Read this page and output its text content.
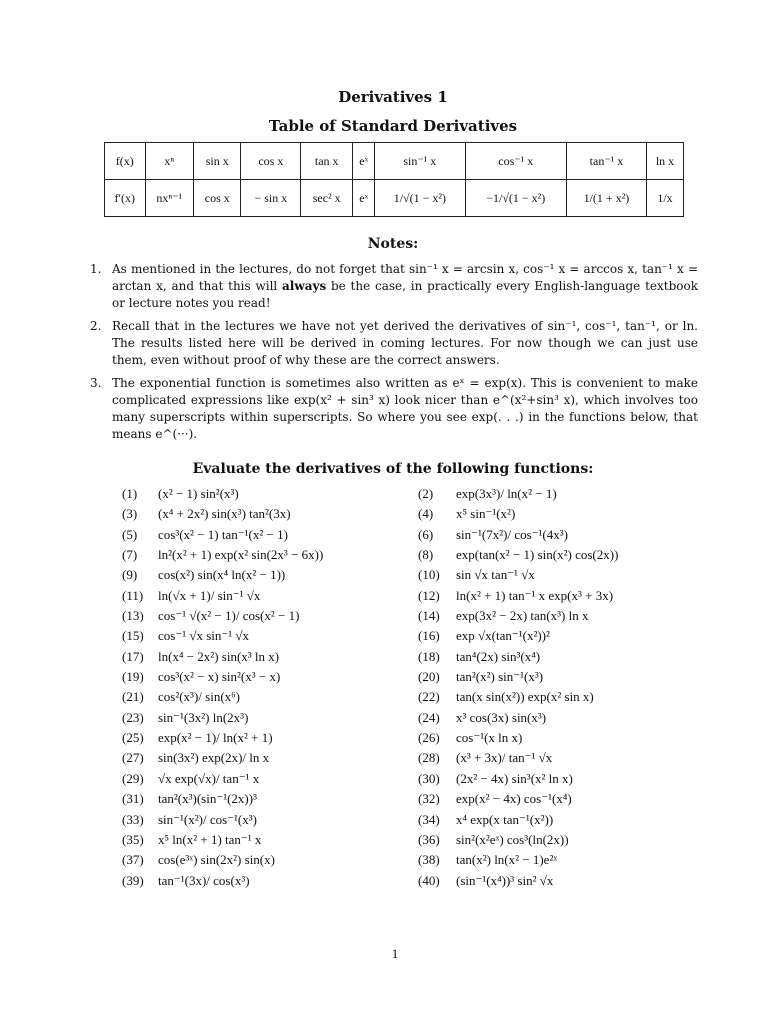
Derivatives 1
Table of Standard Derivatives
f(x)	xⁿ	sin x	cos x	tan x	eˣ	sin⁻¹ x	cos⁻¹ x	tan⁻¹ x	ln x
f′(x)	nxⁿ⁻¹	cos x	− sin x	sec² x	eˣ	1/√(1 − x²)	−1/√(1 − x²)	1/(1 + x²)	1/x
Notes:
1. As mentioned in the lectures, do not forget that sin⁻¹ x = arcsin x, cos⁻¹ x = arccos x, tan⁻¹ x = arctan x, and that this will always be the case, in practically every English-language textbook or lecture notes you read!

2. Recall that in the lectures we have not yet derived the derivatives of sin⁻¹, cos⁻¹, tan⁻¹, or ln. The results listed here will be derived in coming lectures. For now though we can just use them, even without proof of why these are the correct answers.

3. The exponential function is sometimes also written as eˣ = exp(x). This is convenient to make complicated expressions like exp(x² + sin³ x) look nicer than e^(x²+sin³ x), which involves too many superscripts within superscripts. So where you see exp(. . .) in the functions below, that means e^(···).

Evaluate the derivatives of the following functions:
(1) (x² − 1) sin²(x³)
(3) (x⁴ + 2x²) sin(x³) tan²(3x)
(5) cos³(x² − 1) tan⁻¹(x² − 1)
(7) ln²(x² + 1) exp(x² sin(2x³ − 6x))
(9) cos(x²) sin(x⁴ ln(x² − 1))
(11) ln(√x + 1)/ sin⁻¹ √x
(13) cos⁻¹ √(x² − 1)/ cos(x² − 1)
(15) cos⁻¹ √x sin⁻¹ √x
(17) ln(x⁴ − 2x²) sin(x³ ln x)
(19) cos³(x² − x) sin²(x³ − x)
(21) cos²(x³)/ sin(x⁶)
(23) sin⁻¹(3x²) ln(2x³)
(25) exp(x² − 1)/ ln(x² + 1)
(27) sin(3x²) exp(2x)/ ln x
(29) √x exp(√x)/ tan⁻¹ x
(31) tan²(x³)(sin⁻¹(2x))³
(33) sin⁻¹(x²)/ cos⁻¹(x³)
(35) x⁵ ln(x² + 1) tan⁻¹ x
(37) cos(e³ˣ) sin(2x²) sin(x)
(39) tan⁻¹(3x)/ cos(x³)
(2) exp(3x³)/ ln(x² − 1)
(4) x⁵ sin⁻¹(x²)
(6) sin⁻¹(7x²)/ cos⁻¹(4x³)
(8) exp(tan(x² − 1) sin(x²) cos(2x))
(10) sin √x tan⁻¹ √x
(12) ln(x² + 1) tan⁻¹ x exp(x³ + 3x)
(14) exp(3x² − 2x) tan(x³) ln x
(16) exp √x(tan⁻¹(x²))²
(18) tan⁴(2x) sin³(x⁴)
(20) tan²(x²) sin⁻¹(x³)
(22) tan(x sin(x²)) exp(x² sin x)
(24) x³ cos(3x) sin(x³)
(26) cos⁻¹(x ln x)
(28) (x³ + 3x)/ tan⁻¹ √x
(30) (2x² − 4x) sin³(x² ln x)
(32) exp(x² − 4x) cos⁻¹(x⁴)
(34) x⁴ exp(x tan⁻¹(x²))
(36) sin²(x²eˣ) cos³(ln(2x))
(38) tan(x²) ln(x² − 1)e²ˣ
(40) (sin⁻¹(x⁴))³ sin² √x
1
